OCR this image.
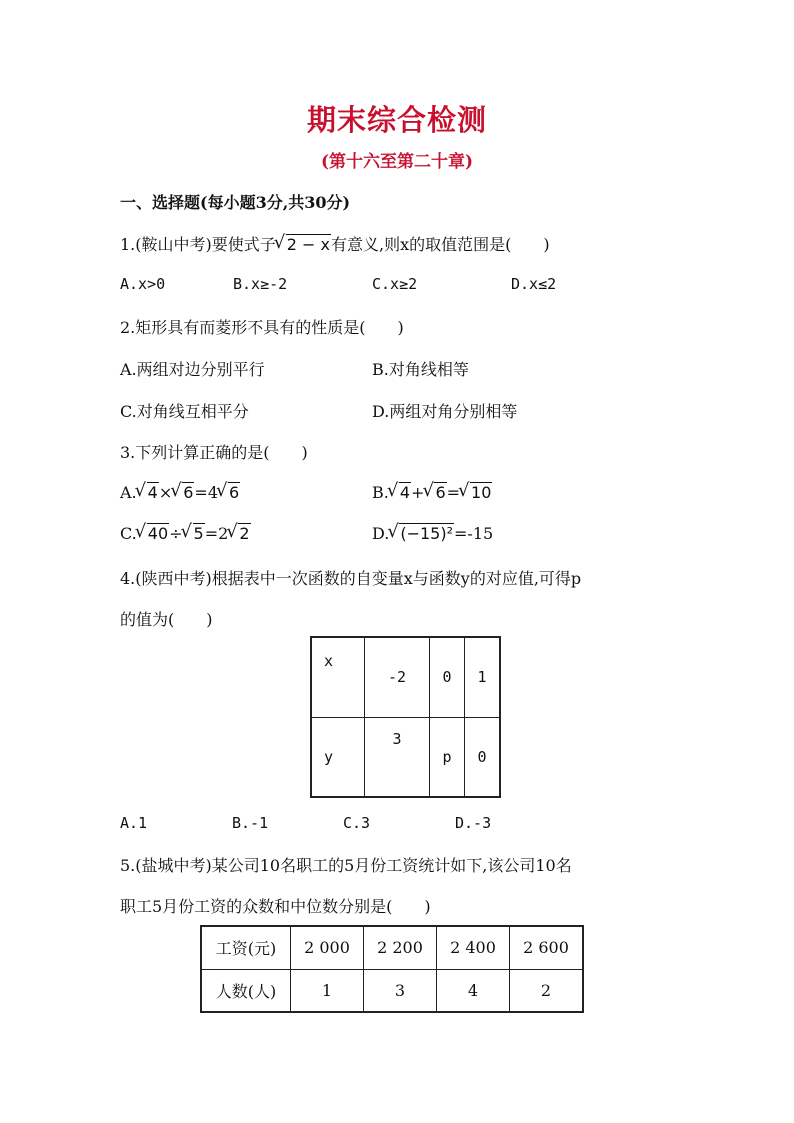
期末综合检测
(第十六至第二十章)
一、选择题(每小题3分,共30分)
1.(鞍山中考)要使式子 √ 2 − x有意义,则x的取值范围是(　　)
A.x>0	B.x≥-2	C.x≥2	D.x≤2
2.矩形具有而菱形不具有的性质是(　　)
A.两组对边分别平行	B.对角线相等
C.对角线互相平分	D.两组对角分别相等
3.下列计算正确的是(　　)
A. √ 4× √ 6=4 √ 6	B. √ 4+ √ 6= √ 10
C. √ 40÷ √ 5=2 √ 2	D. √ (−15)²=-15
4.(陕西中考)根据表中一次函数的自变量x与函数y的对应值,可得p
的值为(　　)
x	-2	0	1
y	3	p	0
A.1	B.-1	C.3	D.-3
5.(盐城中考)某公司10名职工的5月份工资统计如下,该公司10名
职工5月份工资的众数和中位数分别是(　　)
工资(元)	2 000	2 200	2 400	2 600
人数(人)	1	3	4	2
